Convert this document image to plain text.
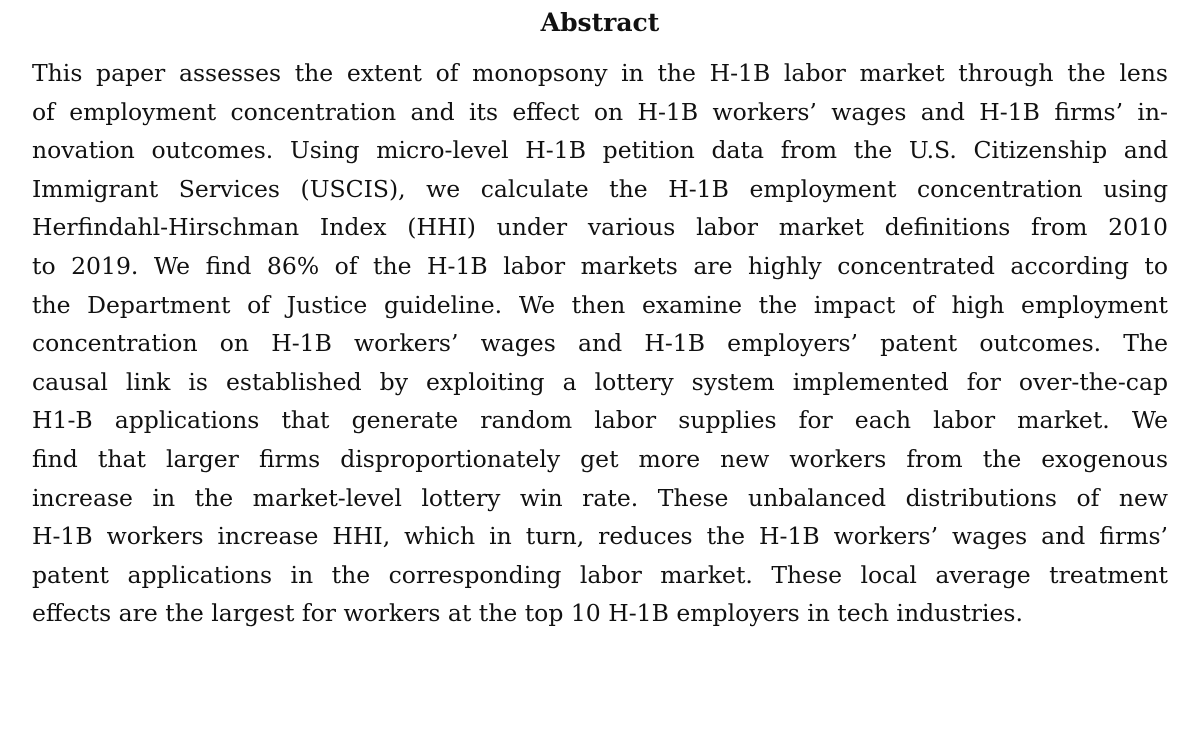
Abstract
This paper assesses the extent of monopsony in the H-1B labor market through the lens
of employment concentration and its effect on H-1B workers’ wages and H-1B firms’ in-
novation outcomes. Using micro-level H-1B petition data from the U.S. Citizenship and
Immigrant Services (USCIS), we calculate the H-1B employment concentration using
Herfindahl-Hirschman Index (HHI) under various labor market definitions from 2010
to 2019. We find 86% of the H-1B labor markets are highly concentrated according to
the Department of Justice guideline. We then examine the impact of high employment
concentration on H-1B workers’ wages and H-1B employers’ patent outcomes. The
causal link is established by exploiting a lottery system implemented for over-the-cap
H1-B applications that generate random labor supplies for each labor market. We
find that larger firms disproportionately get more new workers from the exogenous
increase in the market-level lottery win rate. These unbalanced distributions of new
H-1B workers increase HHI, which in turn, reduces the H-1B workers’ wages and firms’
patent applications in the corresponding labor market. These local average treatment
effects are the largest for workers at the top 10 H-1B employers in tech industries.
